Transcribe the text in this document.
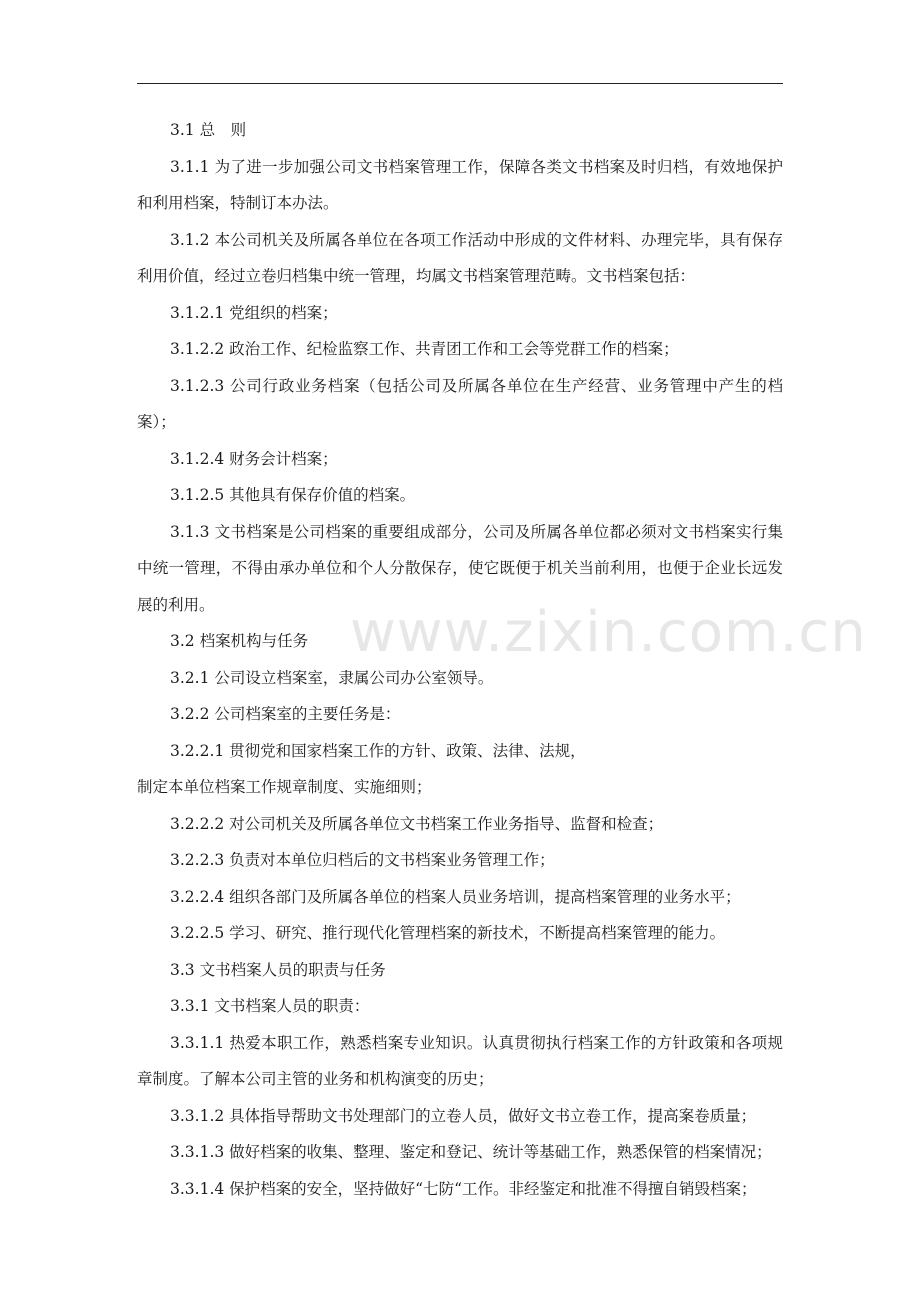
www.zixin.com.cn

3.1 总　则

3.1.1 为了进一步加强公司文书档案管理工作，保障各类文书档案及时归档，有效地保护和利用档案，特制订本办法。

3.1.2 本公司机关及所属各单位在各项工作活动中形成的文件材料、办理完毕，具有保存利用价值，经过立卷归档集中统一管理，均属文书档案管理范畴。文书档案包括：

3.1.2.1 党组织的档案；

3.1.2.2 政治工作、纪检监察工作、共青团工作和工会等党群工作的档案；

3.1.2.3 公司行政业务档案（包括公司及所属各单位在生产经营、业务管理中产生的档案）；

3.1.2.4 财务会计档案；

3.1.2.5 其他具有保存价值的档案。

3.1.3 文书档案是公司档案的重要组成部分，公司及所属各单位都必须对文书档案实行集中统一管理，不得由承办单位和个人分散保存，使它既便于机关当前利用，也便于企业长远发展的利用。

3.2 档案机构与任务

3.2.1 公司设立档案室，隶属公司办公室领导。

3.2.2 公司档案室的主要任务是：

3.2.2.1 贯彻党和国家档案工作的方针、政策、法律、法规，

制定本单位档案工作规章制度、实施细则；

3.2.2.2 对公司机关及所属各单位文书档案工作业务指导、监督和检查；

3.2.2.3 负责对本单位归档后的文书档案业务管理工作；

3.2.2.4 组织各部门及所属各单位的档案人员业务培训，提高档案管理的业务水平；

3.2.2.5 学习、研究、推行现代化管理档案的新技术，不断提高档案管理的能力。

3.3 文书档案人员的职责与任务

3.3.1 文书档案人员的职责：

3.3.1.1 热爱本职工作，熟悉档案专业知识。认真贯彻执行档案工作的方针政策和各项规章制度。了解本公司主管的业务和机构演变的历史；

3.3.1.2 具体指导帮助文书处理部门的立卷人员，做好文书立卷工作，提高案卷质量；

3.3.1.3 做好档案的收集、整理、鉴定和登记、统计等基础工作，熟悉保管的档案情况；

3.3.1.4 保护档案的安全，坚持做好“七防“工作。非经鉴定和批准不得擅自销毁档案；
